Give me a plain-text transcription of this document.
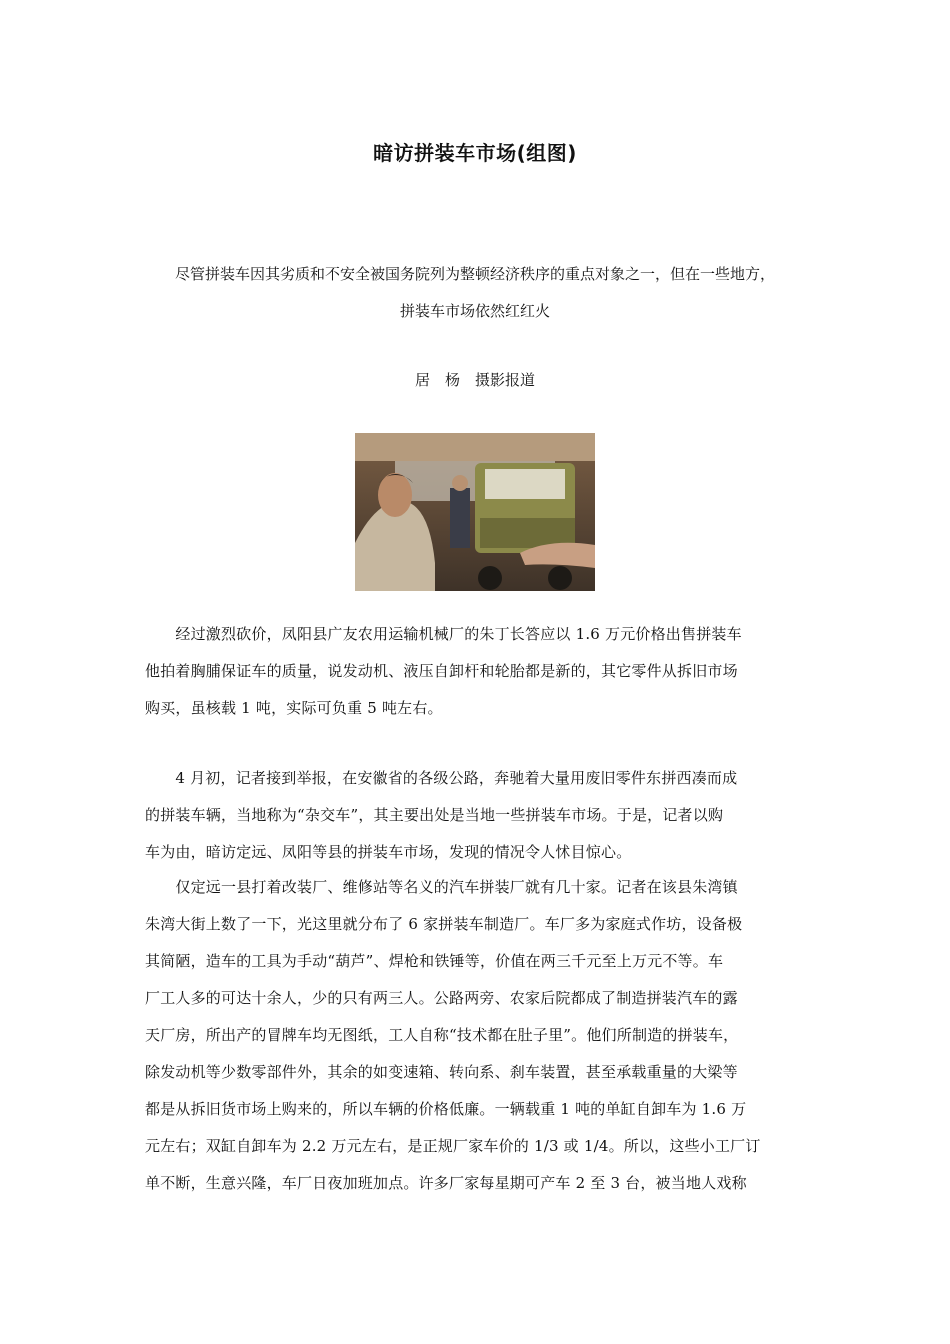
暗访拼装车市场(组图)
尽管拼装车因其劣质和不安全被国务院列为整顿经济秩序的重点对象之一，但在一些地方，
拼装车市场依然红红火
居　杨　摄影报道
　　经过激烈砍价，凤阳县广友农用运输机械厂的朱丁长答应以 1.6 万元价格出售拼装车
他拍着胸脯保证车的质量，说发动机、液压自卸杆和轮胎都是新的，其它零件从拆旧市场
购买，虽核载 1 吨，实际可负重 5 吨左右。
　　4 月初，记者接到举报，在安徽省的各级公路，奔驰着大量用废旧零件东拼西凑而成
的拼装车辆，当地称为“杂交车”，其主要出处是当地一些拼装车市场。于是，记者以购
车为由，暗访定远、凤阳等县的拼装车市场，发现的情况令人怵目惊心。
　　仅定远一县打着改装厂、维修站等名义的汽车拼装厂就有几十家。记者在该县朱湾镇
朱湾大街上数了一下，光这里就分布了 6 家拼装车制造厂。车厂多为家庭式作坊，设备极
其简陋，造车的工具为手动“葫芦”、焊枪和铁锤等，价值在两三千元至上万元不等。车
厂工人多的可达十余人，少的只有两三人。公路两旁、农家后院都成了制造拼装汽车的露
天厂房，所出产的冒牌车均无图纸，工人自称“技术都在肚子里”。他们所制造的拼装车，
除发动机等少数零部件外，其余的如变速箱、转向系、刹车装置，甚至承载重量的大梁等
都是从拆旧货市场上购来的，所以车辆的价格低廉。一辆载重 1 吨的单缸自卸车为 1.6 万
元左右；双缸自卸车为 2.2 万元左右，是正规厂家车价的 1/3 或 1/4。所以，这些小工厂订
单不断，生意兴隆，车厂日夜加班加点。许多厂家每星期可产车 2 至 3 台，被当地人戏称
